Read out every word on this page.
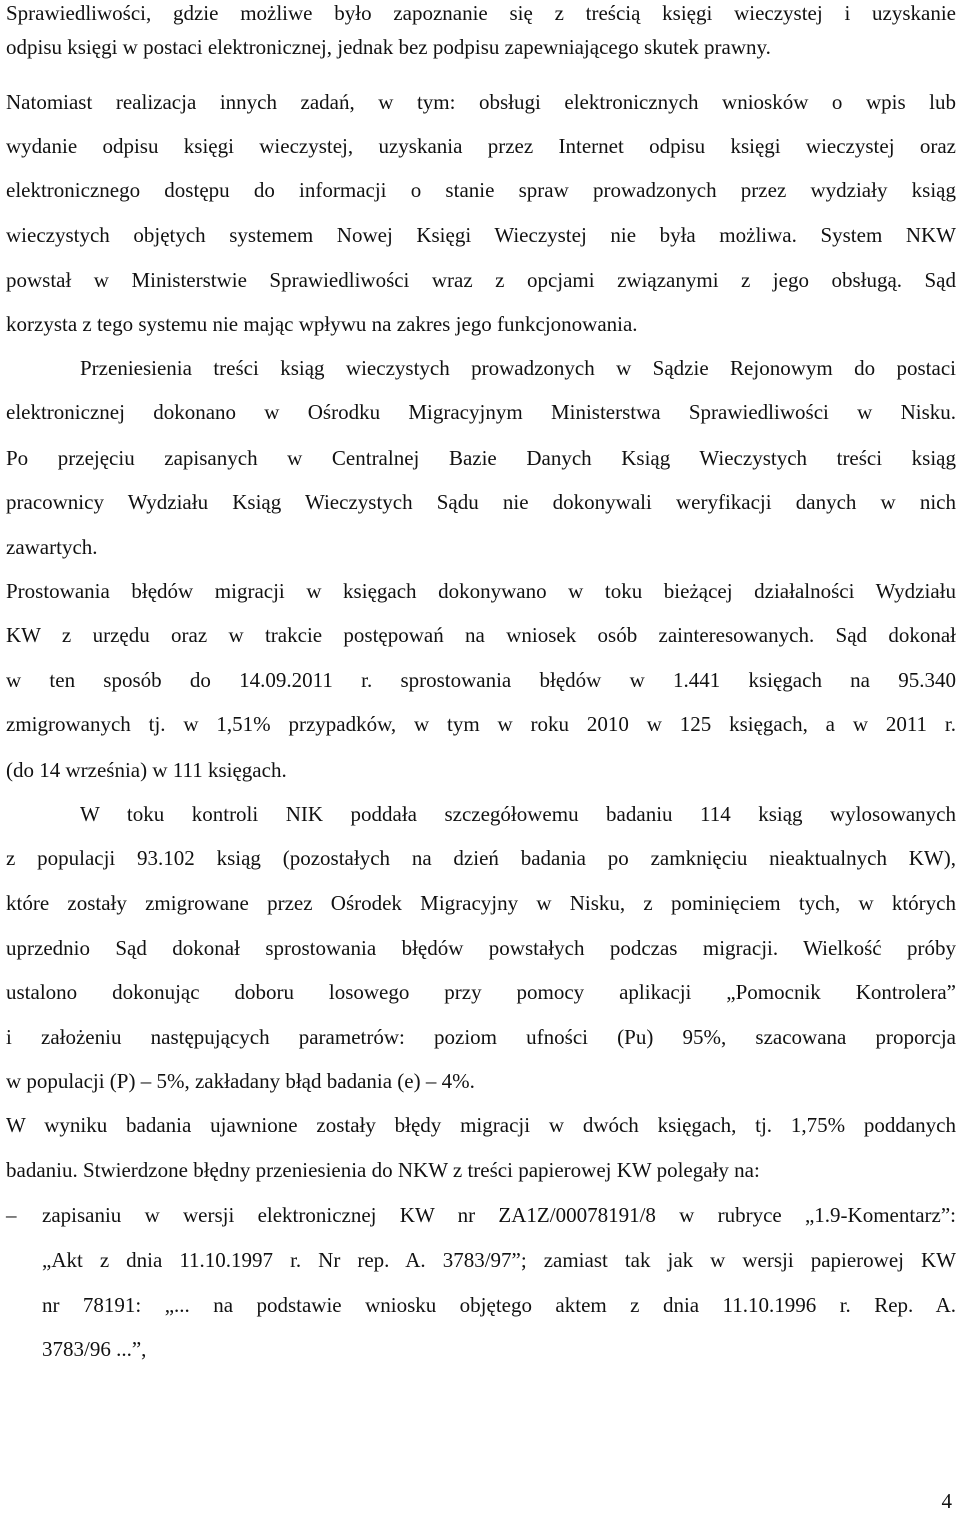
Sprawiedliwości, gdzie możliwe było zapoznanie się z treścią księgi wieczystej i uzyskanie
odpisu księgi w postaci elektronicznej, jednak bez podpisu zapewniającego skutek prawny.
Natomiast realizacja innych zadań, w tym: obsługi elektronicznych wniosków o wpis lub
wydanie odpisu księgi wieczystej, uzyskania przez Internet odpisu księgi wieczystej oraz
elektronicznego dostępu do informacji o stanie spraw prowadzonych przez wydziały ksiąg
wieczystych objętych systemem Nowej Księgi Wieczystej nie była możliwa. System NKW
powstał w Ministerstwie Sprawiedliwości wraz z opcjami związanymi z jego obsługą. Sąd
korzysta z tego systemu nie mając wpływu na zakres jego funkcjonowania.
Przeniesienia treści ksiąg wieczystych prowadzonych w Sądzie Rejonowym do postaci
elektronicznej dokonano w Ośrodku Migracyjnym Ministerstwa Sprawiedliwości w Nisku.
Po przejęciu zapisanych w Centralnej Bazie Danych Ksiąg Wieczystych treści ksiąg
pracownicy Wydziału Ksiąg Wieczystych Sądu nie dokonywali weryfikacji danych w nich
zawartych.
Prostowania błędów migracji w księgach dokonywano w toku bieżącej działalności Wydziału
KW z urzędu oraz w trakcie postępowań na wniosek osób zainteresowanych. Sąd dokonał
w ten sposób do 14.09.2011 r. sprostowania błędów w 1.441 księgach na 95.340
zmigrowanych tj. w 1,51% przypadków, w tym w roku 2010 w 125 księgach, a w 2011 r.
(do 14 września) w 111 księgach.
W toku kontroli NIK poddała szczegółowemu badaniu 114 ksiąg wylosowanych
z populacji 93.102 ksiąg (pozostałych na dzień badania po zamknięciu nieaktualnych KW),
które zostały zmigrowane przez Ośrodek Migracyjny w Nisku, z pominięciem tych, w których
uprzednio Sąd dokonał sprostowania błędów powstałych podczas migracji. Wielkość próby
ustalono dokonując doboru losowego przy pomocy aplikacji „Pomocnik Kontrolera”
i założeniu następujących parametrów: poziom ufności (Pu) 95%, szacowana proporcja
w populacji (P) – 5%, zakładany błąd badania (e) – 4%.
W wyniku badania ujawnione zostały błędy migracji w dwóch księgach, tj. 1,75% poddanych
badaniu. Stwierdzone błędny przeniesienia do NKW z treści papierowej KW polegały na:
–	zapisaniu w wersji elektronicznej KW nr ZA1Z/00078191/8 w rubryce „1.9-Komentarz”:
„Akt z dnia 11.10.1997 r. Nr rep. A. 3783/97”; zamiast tak jak w wersji papierowej KW
nr 78191: „... na podstawie wniosku objętego aktem z dnia 11.10.1996 r. Rep. A.
3783/96 ...”,
4
